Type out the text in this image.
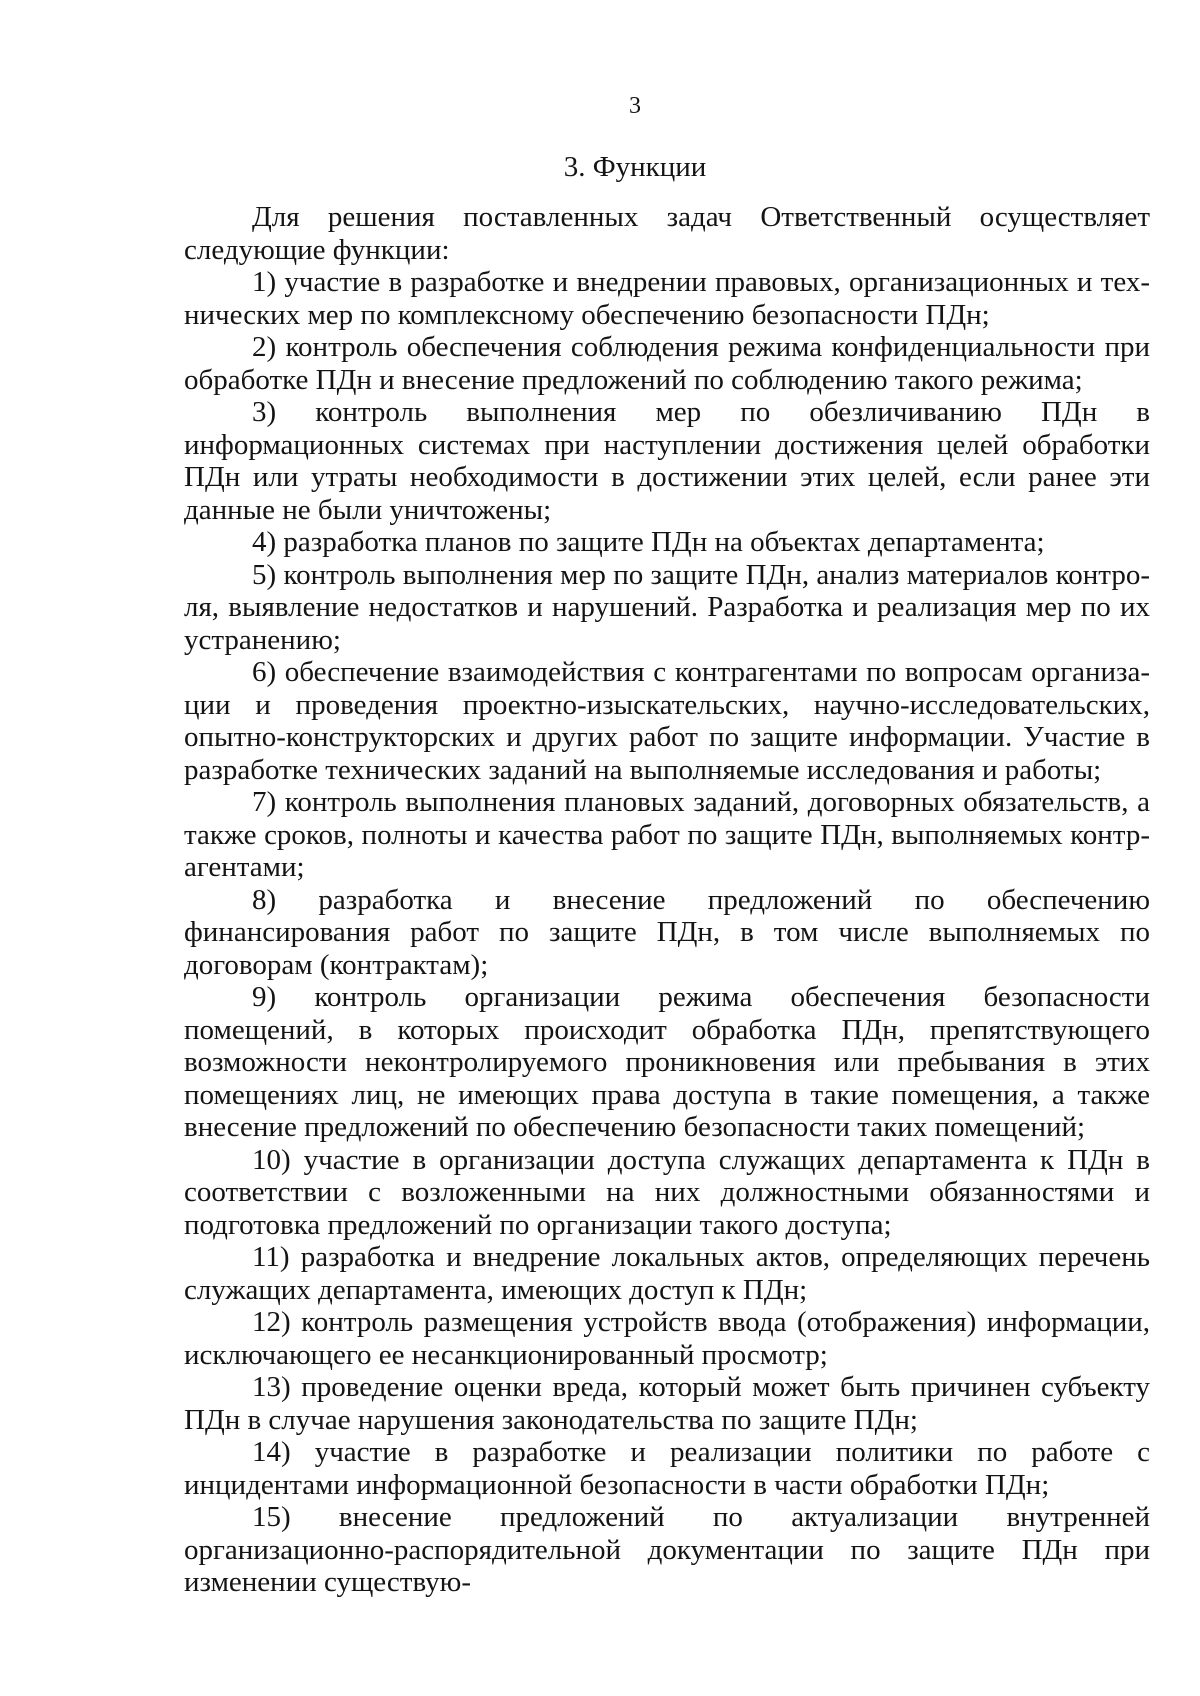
3
3. Функции

Для решения поставленных задач Ответственный осуществляет следующие функции:

1) участие в разработке и внедрении правовых, организационных и технических мер по комплексному обеспечению безопасности ПДн;

2) контроль обеспечения соблюдения режима конфиденциальности при обработке ПДн и внесение предложений по соблюдению такого режима;

3) контроль выполнения мер по обезличиванию ПДн в информационных системах при наступлении достижения целей обработки ПДн или утраты необходимости в достижении этих целей, если ранее эти данные не были уничтожены;

4) разработка планов по защите ПДн на объектах департамента;

5) контроль выполнения мер по защите ПДн, анализ материалов контроля, выявление недостатков и нарушений. Разработка и реализация мер по их устранению;

6) обеспечение взаимодействия с контрагентами по вопросам организации и проведения проектно-изыскательских, научно-исследовательских, опытно-конструкторских и других работ по защите информации. Участие в разработке технических заданий на выполняемые исследования и работы;

7) контроль выполнения плановых заданий, договорных обязательств, а также сроков, полноты и качества работ по защите ПДн, выполняемых контрагентами;

8) разработка и внесение предложений по обеспечению финансирования работ по защите ПДн, в том числе выполняемых по договорам (контрактам);

9) контроль организации режима обеспечения безопасности помещений, в которых происходит обработка ПДн, препятствующего возможности неконтролируемого проникновения или пребывания в этих помещениях лиц, не имеющих права доступа в такие помещения, а также внесение предложений по обеспечению безопасности таких помещений;

10) участие в организации доступа служащих департамента к ПДн в соответствии с возложенными на них должностными обязанностями и подготовка предложений по организации такого доступа;

11) разработка и внедрение локальных актов, определяющих перечень служащих департамента, имеющих доступ к ПДн;

12) контроль размещения устройств ввода (отображения) информации, исключающего ее несанкционированный просмотр;

13) проведение оценки вреда, который может быть причинен субъекту ПДн в случае нарушения законодательства по защите ПДн;

14) участие в разработке и реализации политики по работе с инцидентами информационной безопасности в части обработки ПДн;

15) внесение предложений по актуализации внутренней организационно-распорядительной документации по защите ПДн при изменении существую-
